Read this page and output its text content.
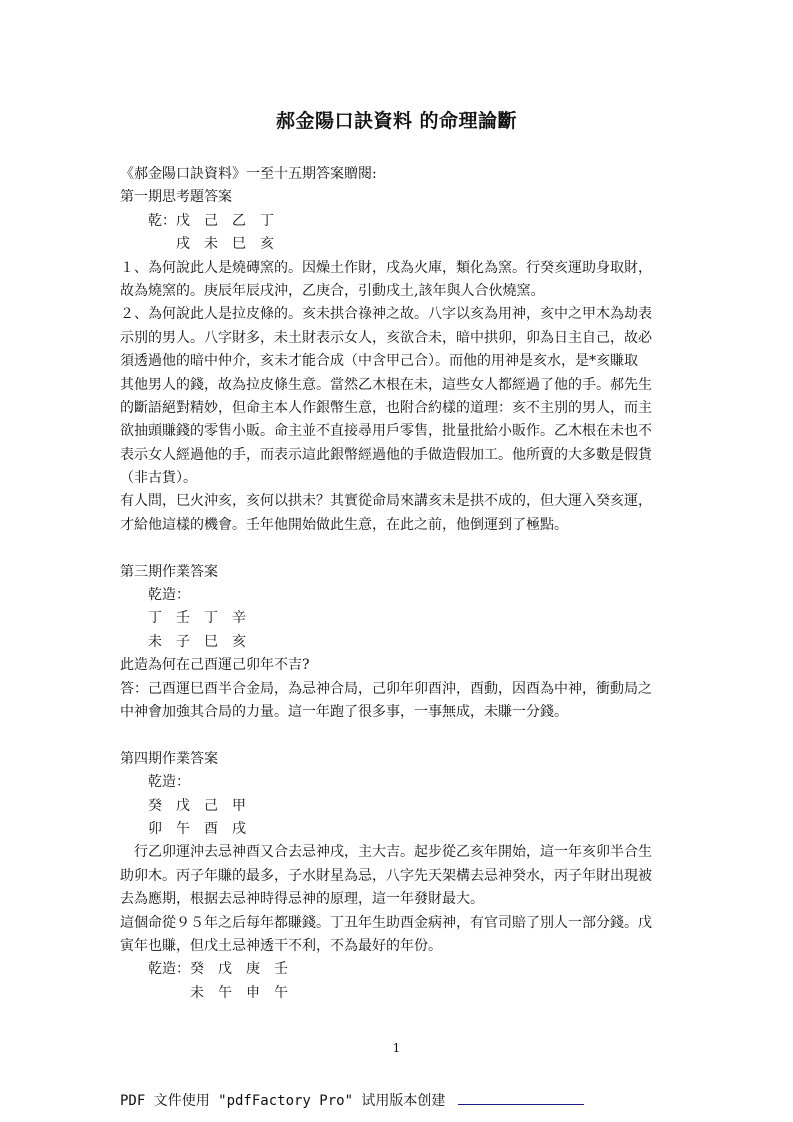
郝金陽口訣資料 的命理論斷
《郝金陽口訣資料》一至十五期答案贈閱:
第一期思考題答案
　　乾：戊　己　乙　丁
　　　　戌　未　巳　亥
１、為何說此人是燒磚窯的。因燥土作財，戌為火庫，類化為窯。行癸亥運助身取財，
故為燒窯的。庚辰年辰戌沖，乙庚合，引動戌土,該年與人合伙燒窯。
２、為何說此人是拉皮條的。亥未拱合祿神之故。八字以亥為用神，亥中之甲木為劫表
示別的男人。八字財多，未土財表示女人，亥欲合未，暗中拱卯，卯為日主自己，故必
須透過他的暗中仲介，亥未才能合成（中含甲己合）。而他的用神是亥水，是*亥賺取
其他男人的錢，故為拉皮條生意。當然乙木根在未，這些女人都經過了他的手。郝先生
的斷語絕對精妙，但命主本人作銀幣生意，也附合約樣的道理：亥不主別的男人，而主
欲抽頭賺錢的零售小販。命主並不直接尋用戶零售，批量批給小販作。乙木根在未也不
表示女人經過他的手，而表示這此銀幣經過他的手做造假加工。他所賣的大多數是假貨
（非古貨）。
有人問，巳火沖亥，亥何以拱未？其實從命局來講亥未是拱不成的，但大運入癸亥運，
才給他這樣的機會。壬年他開始做此生意，在此之前，他倒運到了極點。
第三期作業答案
　　乾造：
　　丁　壬　丁　辛
　　未　子　巳　亥
此造為何在己酉運己卯年不吉?
答：己酉運巳酉半合金局，為忌神合局，己卯年卯酉沖，酉動，因酉為中神，衝動局之
中神會加強其合局的力量。這一年跑了很多事，一事無成，未賺一分錢。
第四期作業答案
　　乾造：
　　癸　戊　己　甲
　　卯　午　酉　戌
　行乙卯運沖去忌神酉又合去忌神戌，主大吉。起步從乙亥年開始，這一年亥卯半合生
助卯木。丙子年賺的最多，子水財星為忌，八字先天架構去忌神癸水，丙子年財出現被
去為應期，根据去忌神時得忌神的原理，這一年發財最大。
這個命從９５年之后每年都賺錢。丁丑年生助酉金病神，有官司賠了別人一部分錢。戊
寅年也賺，但戊土忌神透干不利，不為最好的年份。
　　乾造：癸　戊　庚　壬
　　　　　未　午　申　午
1
PDF 文件使用 "pdfFactory Pro" 试用版本创建
